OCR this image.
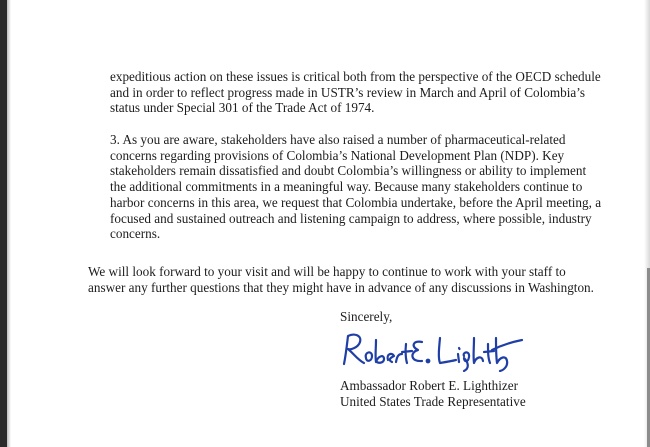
expeditious action on these issues is critical both from the perspective of the OECD schedule
and in order to reflect progress made in USTR’s review in March and April of Colombia’s
status under Special 301 of the Trade Act of 1974.
3. As you are aware, stakeholders have also raised a number of pharmaceutical-related
concerns regarding provisions of Colombia’s National Development Plan (NDP). Key
stakeholders remain dissatisfied and doubt Colombia’s willingness or ability to implement
the additional commitments in a meaningful way. Because many stakeholders continue to
harbor concerns in this area, we request that Colombia undertake, before the April meeting, a
focused and sustained outreach and listening campaign to address, where possible, industry
concerns.
We will look forward to your visit and will be happy to continue to work with your staff to
answer any further questions that they might have in advance of any discussions in Washington.
Sincerely,
Ambassador Robert E. Lighthizer
United States Trade Representative
